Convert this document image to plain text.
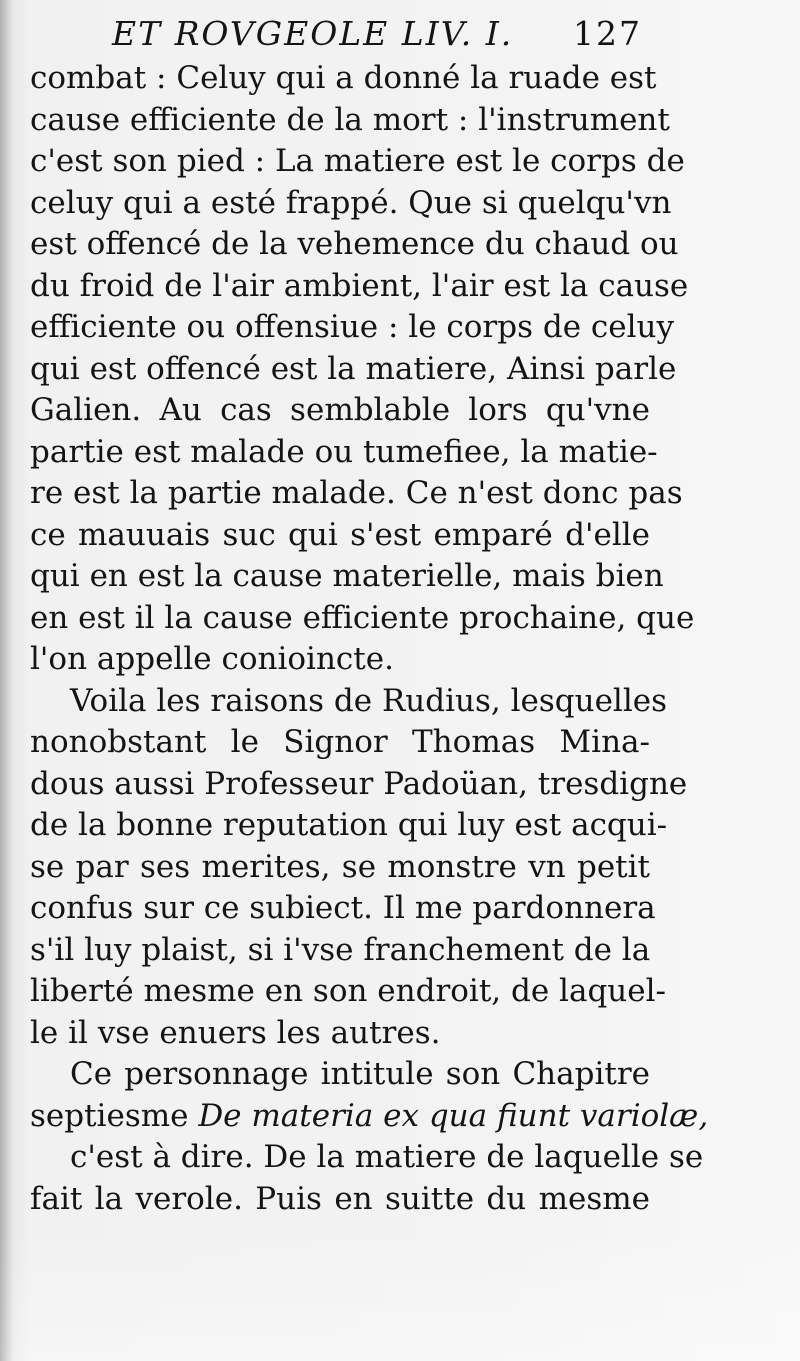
ET ROVGEOLE LIV. I. 127
combat : Celuy qui a donné la ruade est
cause efficiente de la mort : l'instrument
c'est son pied : La matiere est le corps de
celuy qui a esté frappé. Que si quelqu'vn
est offencé de la vehemence du chaud ou
du froid de l'air ambient, l'air est la cause
efficiente ou offensiue : le corps de celuy
qui est offencé est la matiere, Ainsi parle
Galien. Au cas semblable lors qu'vne
partie est malade ou tumefiee, la matie-
re est la partie malade. Ce n'est donc pas
ce mauuais suc qui s'est emparé d'elle
qui en est la cause materielle, mais bien
en est il la cause efficiente prochaine, que
l'on appelle conioincte.
Voila les raisons de Rudius, lesquelles
nonobstant le Signor Thomas Mina-
dous aussi Professeur Padoüan, tresdigne
de la bonne reputation qui luy est acqui-
se par ses merites, se monstre vn petit
confus sur ce subiect. Il me pardonnera
s'il luy plaist, si i'vse franchement de la
liberté mesme en son endroit, de laquel-
le il vse enuers les autres.
Ce personnage intitule son Chapitre
septiesme De materia ex qua fiunt variolæ,
c'est à dire. De la matiere de laquelle se
fait la verole. Puis en suitte du mesme
